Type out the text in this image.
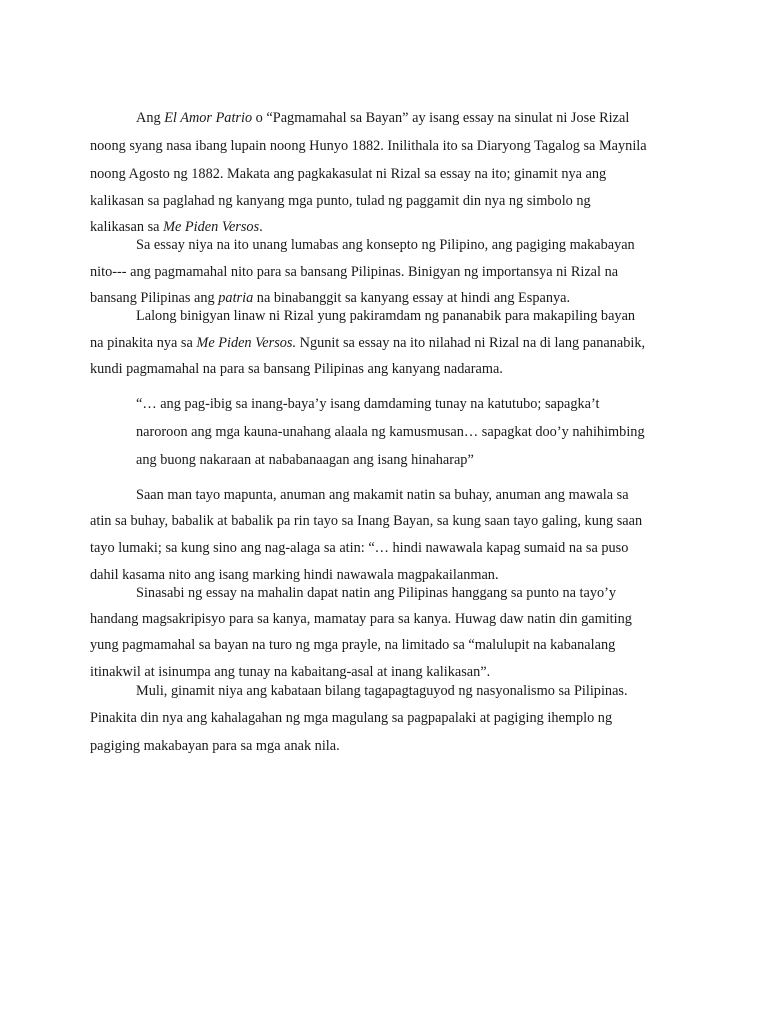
Ang El Amor Patrio o “Pagmamahal sa Bayan” ay isang essay na sinulat ni Jose Rizal
noong syang nasa ibang lupain noong Hunyo 1882. Inilithala ito sa Diaryong Tagalog sa Maynila
noong Agosto ng 1882. Makata ang pagkakasulat ni Rizal sa essay na ito; ginamit nya ang
kalikasan sa paglahad ng kanyang mga punto, tulad ng paggamit din nya ng simbolo ng
kalikasan sa Me Piden Versos.
Sa essay niya na ito unang lumabas ang konsepto ng Pilipino, ang pagiging makabayan
nito--- ang pagmamahal nito para sa bansang Pilipinas. Binigyan ng importansya ni Rizal na
bansang Pilipinas ang patria na binabanggit sa kanyang essay at hindi ang Espanya.
Lalong binigyan linaw ni Rizal yung pakiramdam ng pananabik para makapiling bayan
na pinakita nya sa Me Piden Versos. Ngunit sa essay na ito nilahad ni Rizal na di lang pananabik,
kundi pagmamahal na para sa bansang Pilipinas ang kanyang nadarama.
“… ang pag-ibig sa inang-baya’y isang damdaming tunay na katutubo; sapagka’t
naroroon ang mga kauna-unahang alaala ng kamusmusan… sapagkat doo’y nahihimbing
ang buong nakaraan at nababanaagan ang isang hinaharap”
Saan man tayo mapunta, anuman ang makamit natin sa buhay, anuman ang mawala sa
atin sa buhay, babalik at babalik pa rin tayo sa Inang Bayan, sa kung saan tayo galing, kung saan
tayo lumaki; sa kung sino ang nag-alaga sa atin: “… hindi nawawala kapag sumaid na sa puso
dahil kasama nito ang isang marking hindi nawawala magpakailanman.
Sinasabi ng essay na mahalin dapat natin ang Pilipinas hanggang sa punto na tayo’y
handang magsakripisyo para sa kanya, mamatay para sa kanya. Huwag daw natin din gamiting
yung pagmamahal sa bayan na turo ng mga prayle, na limitado sa “malulupit na kabanalang
itinakwil at isinumpa ang tunay na kabaitang-asal at inang kalikasan”.
Muli, ginamit niya ang kabataan bilang tagapagtaguyod ng nasyonalismo sa Pilipinas.
Pinakita din nya ang kahalagahan ng mga magulang sa pagpapalaki at pagiging ihemplo ng
pagiging makabayan para sa mga anak nila.
